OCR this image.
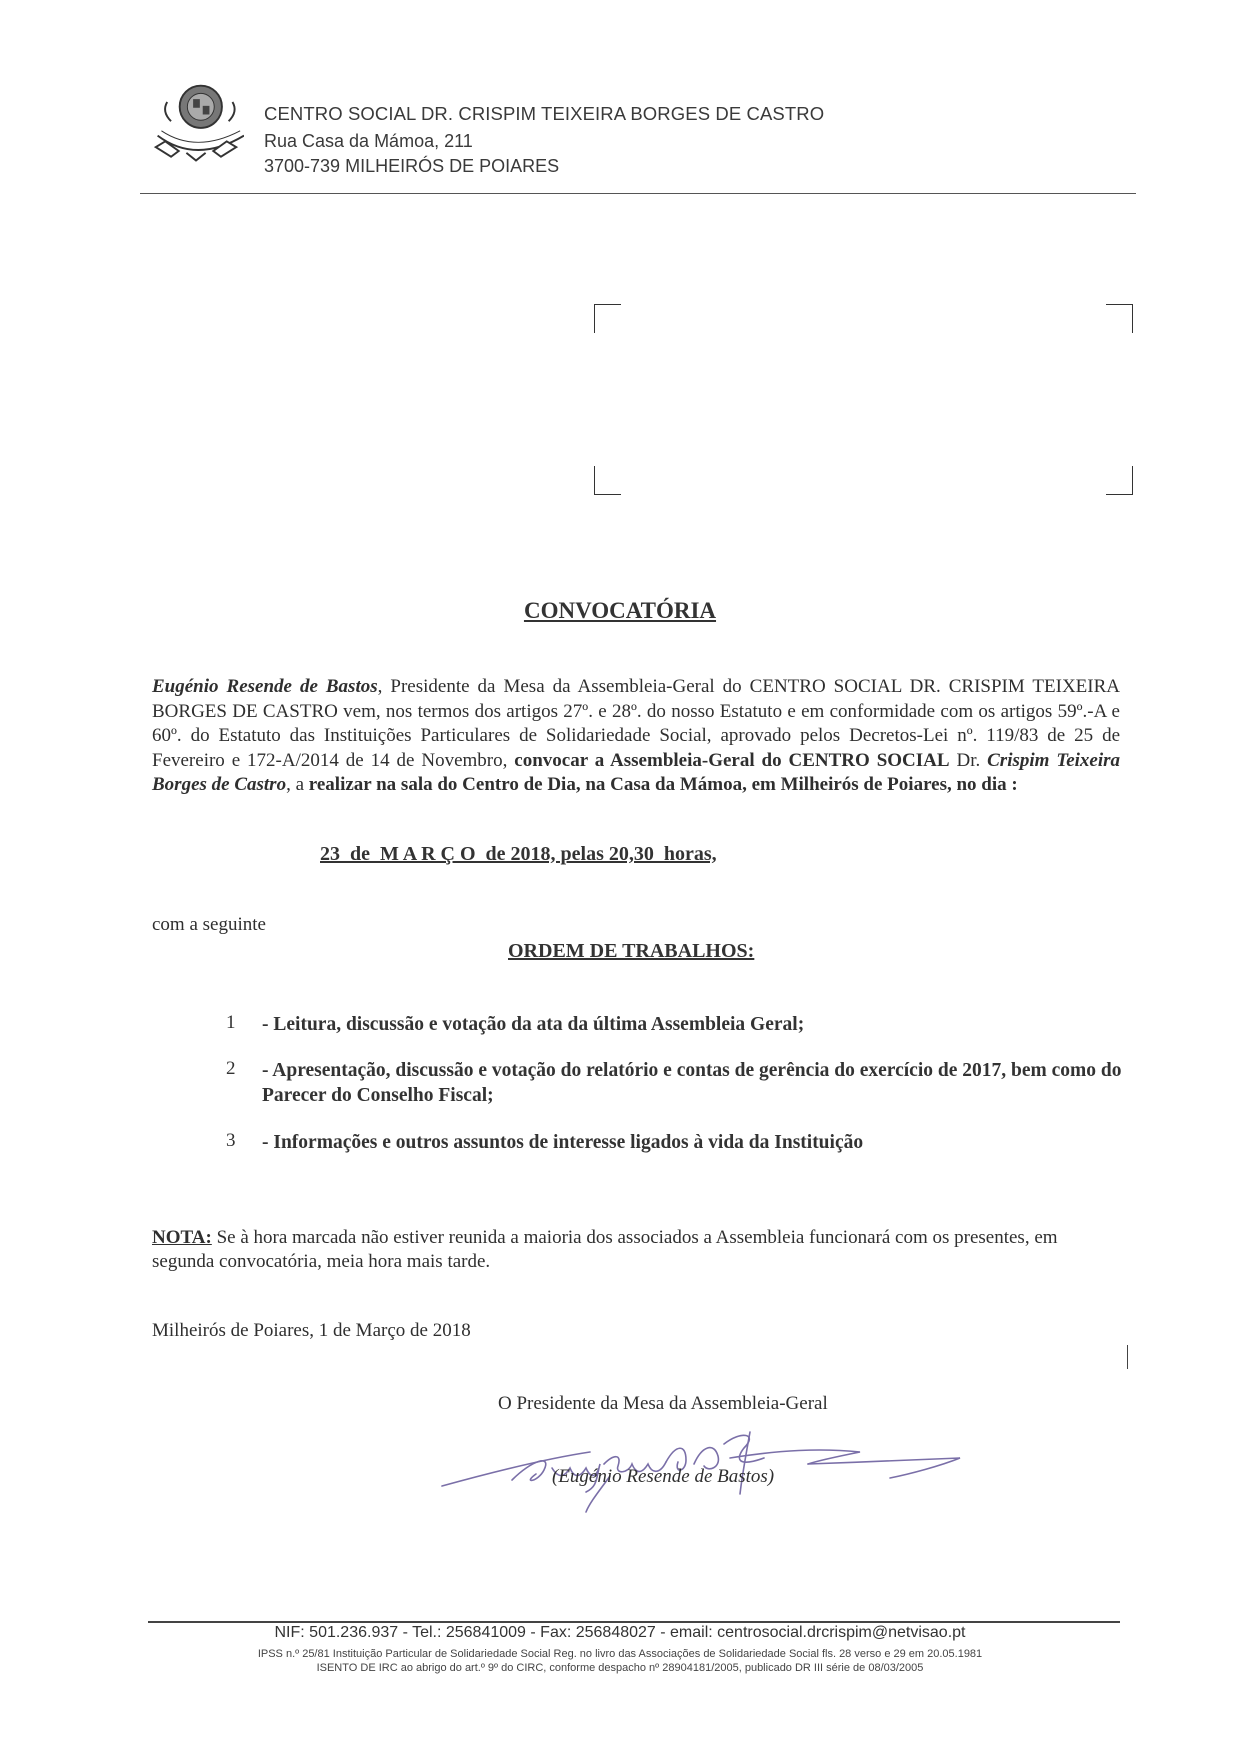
CENTRO SOCIAL DR. CRISPIM TEIXEIRA BORGES DE CASTRO
Rua Casa da Mámoa, 211
3700-739 MILHEIRÓS DE POIARES
CONVOCATÓRIA
Eugénio Resende de Bastos, Presidente da Mesa da Assembleia-Geral do CENTRO SOCIAL DR. CRISPIM TEIXEIRA BORGES DE CASTRO vem, nos termos dos artigos 27º. e 28º. do nosso Estatuto e em conformidade com os artigos 59º.-A e 60º. do Estatuto das Instituições Particulares de Solidariedade Social, aprovado pelos Decretos-Lei nº. 119/83 de 25 de Fevereiro e 172-A/2014 de 14 de Novembro, convocar a Assembleia-Geral do CENTRO SOCIAL Dr. Crispim Teixeira Borges de Castro, a realizar na sala do Centro de Dia, na Casa da Mámoa, em Milheirós de Poiares, no dia :
23  de  M A R Ç O  de 2018, pelas 20,30  horas,
com a seguinte
ORDEM DE TRABALHOS:
1 - Leitura, discussão e votação da ata da última Assembleia Geral;
2 - Apresentação, discussão e votação do relatório e contas de gerência do exercício de 2017, bem como do Parecer do Conselho Fiscal;
3 - Informações e outros assuntos de interesse ligados à vida da Instituição
NOTA: Se à hora marcada não estiver reunida a maioria dos associados a Assembleia funcionará com os presentes, em segunda convocatória, meia hora mais tarde.
Milheirós de Poiares, 1 de Março de 2018
O Presidente da Mesa da Assembleia-Geral
(Eugénio Resende de Bastos)
NIF: 501.236.937 - Tel.: 256841009 - Fax: 256848027 - email: centrosocial.drcrispim@netvisao.pt
IPSS n.º 25/81 Instituição Particular de Solidariedade Social Reg. no livro das Associações de Solidariedade Social fls. 28 verso e 29 em 20.05.1981
ISENTO DE IRC ao abrigo do art.º 9º do CIRC, conforme despacho nº 28904181/2005, publicado DR III série de 08/03/2005
